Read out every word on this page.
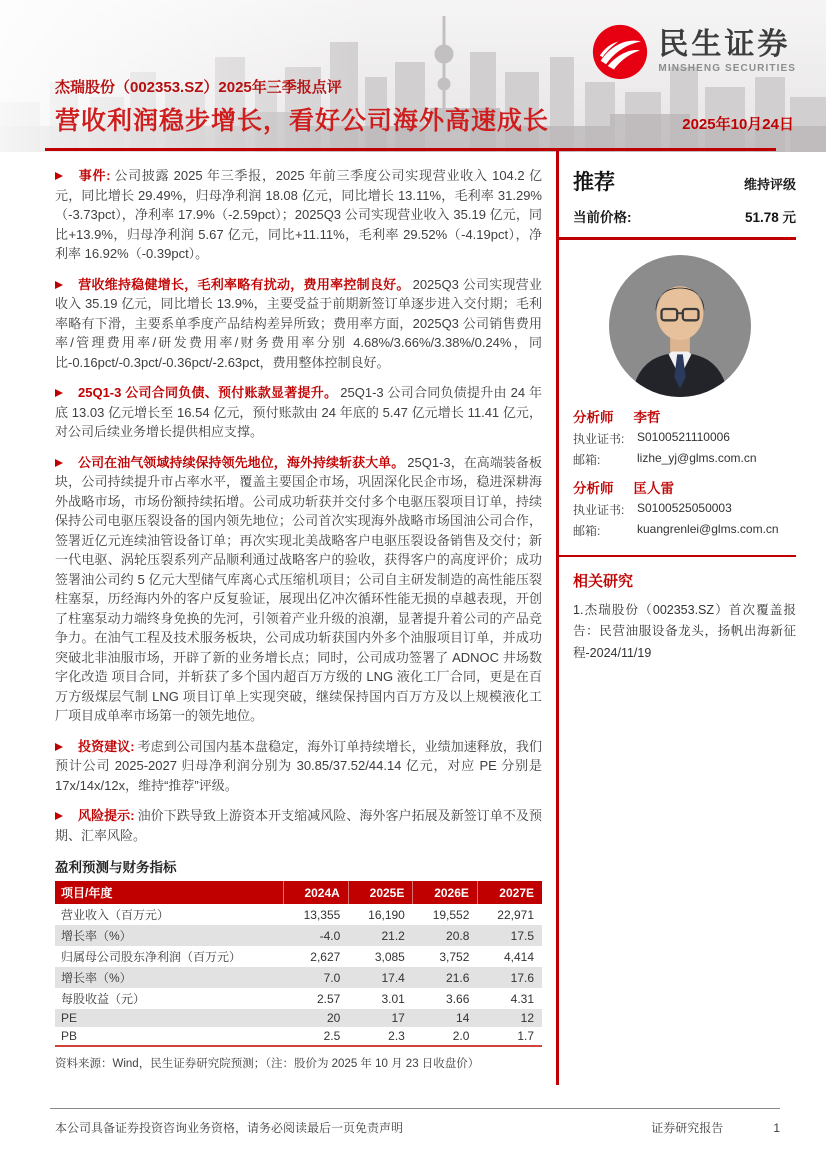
民生证券
MINSHENG SECURITIES
杰瑞股份（002353.SZ）2025年三季报点评
营收利润稳步增长，看好公司海外高速成长	2025年10月24日
事件: 公司披露 2025 年三季报，2025 年前三季度公司实现营业收入 104.2 亿元，同比增长 29.49%，归母净利润 18.08 亿元，同比增长 13.11%，毛利率 31.29%（-3.73pct），净利率 17.9%（-2.59pct）；2025Q3 公司实现营业收入 35.19 亿元，同比+13.9%，归母净利润 5.67 亿元，同比+11.11%，毛利率 29.52%（-4.19pct），净利率 16.92%（-0.39pct）。
营收维持稳健增长，毛利率略有扰动，费用率控制良好。 2025Q3 公司实现营业收入 35.19 亿元，同比增长 13.9%，主要受益于前期新签订单逐步进入交付期；毛利率略有下滑，主要系单季度产品结构差异所致；费用率方面，2025Q3 公司销售费用率/管理费用率/研发费用率/财务费用率分别 4.68%/3.66%/3.38%/0.24%，同比-0.16pct/-0.3pct/-0.36pct/-2.63pct，费用整体控制良好。
25Q1-3 公司合同负债、预付账款显著提升。 25Q1-3 公司合同负债提升由 24 年底 13.03 亿元增长至 16.54 亿元，预付账款由 24 年底的 5.47 亿元增长 11.41 亿元，对公司后续业务增长提供相应支撑。
公司在油气领域持续保持领先地位，海外持续斩获大单。 25Q1-3，在高端装备板块，公司持续提升市占率水平，覆盖主要国企市场，巩固深化民企市场，稳进深耕海外战略市场，市场份额持续拓增。公司成功斩获并交付多个电驱压裂项目订单，持续保持公司电驱压裂设备的国内领先地位；公司首次实现海外战略市场国油公司合作，签署近亿元连续油管设备订单；再次实现北美战略客户电驱压裂设备销售及交付；新一代电驱、涡轮压裂系列产品顺利通过战略客户的验收，获得客户的高度评价；成功签署油公司约 5 亿元大型储气库离心式压缩机项目；公司自主研发制造的高性能压裂柱塞泵，历经海内外的客户反复验证，展现出亿冲次循环性能无损的卓越表现，开创了柱塞泵动力端终身免换的先河，引领着产业升级的浪潮，显著提升着公司的产品竞争力。在油气工程及技术服务板块，公司成功斩获国内外多个油服项目订单，并成功突破北非油服市场，开辟了新的业务增长点；同时，公司成功签署了 ADNOC 井场数字化改造 项目合同，并斩获了多个国内超百万方级的 LNG 液化工厂合同，更是在百万方级煤层气制 LNG 项目订单上实现突破，继续保持国内百万方及以上规模液化工厂项目成单率市场第一的领先地位。
投资建议: 考虑到公司国内基本盘稳定，海外订单持续增长，业绩加速释放，我们预计公司 2025-2027 归母净利润分别为 30.85/37.52/44.14 亿元，对应 PE 分别是 17x/14x/12x，维持“推荐”评级。
风险提示: 油价下跌导致上游资本开支缩减风险、海外客户拓展及新签订单不及预期、汇率风险。
盈利预测与财务指标
项目/年度	2024A	2025E	2026E	2027E
营业收入（百万元）	13,355	16,190	19,552	22,971
增长率（%）	-4.0	21.2	20.8	17.5
归属母公司股东净利润（百万元）	2,627	3,085	3,752	4,414
增长率（%）	7.0	17.4	21.6	17.6
每股收益（元）	2.57	3.01	3.66	4.31
PE	20	17	14	12
PB	2.5	2.3	2.0	1.7
资料来源：Wind，民生证券研究院预测；（注：股价为 2025 年 10 月 23 日收盘价）
推荐	维持评级
当前价格:	51.78 元
分析师 李哲
执业证书:	S0100521110006
邮箱:	lizhe_yj@glms.com.cn
分析师 匡人雷
执业证书:	S0100525050003
邮箱:	kuangrenlei@glms.com.cn
相关研究
1.杰瑞股份（002353.SZ）首次覆盖报告：民营油服设备龙头，扬帆出海新征程-2024/11/19
本公司具备证券投资咨询业务资格，请务必阅读最后一页免责声明	证券研究报告	1
